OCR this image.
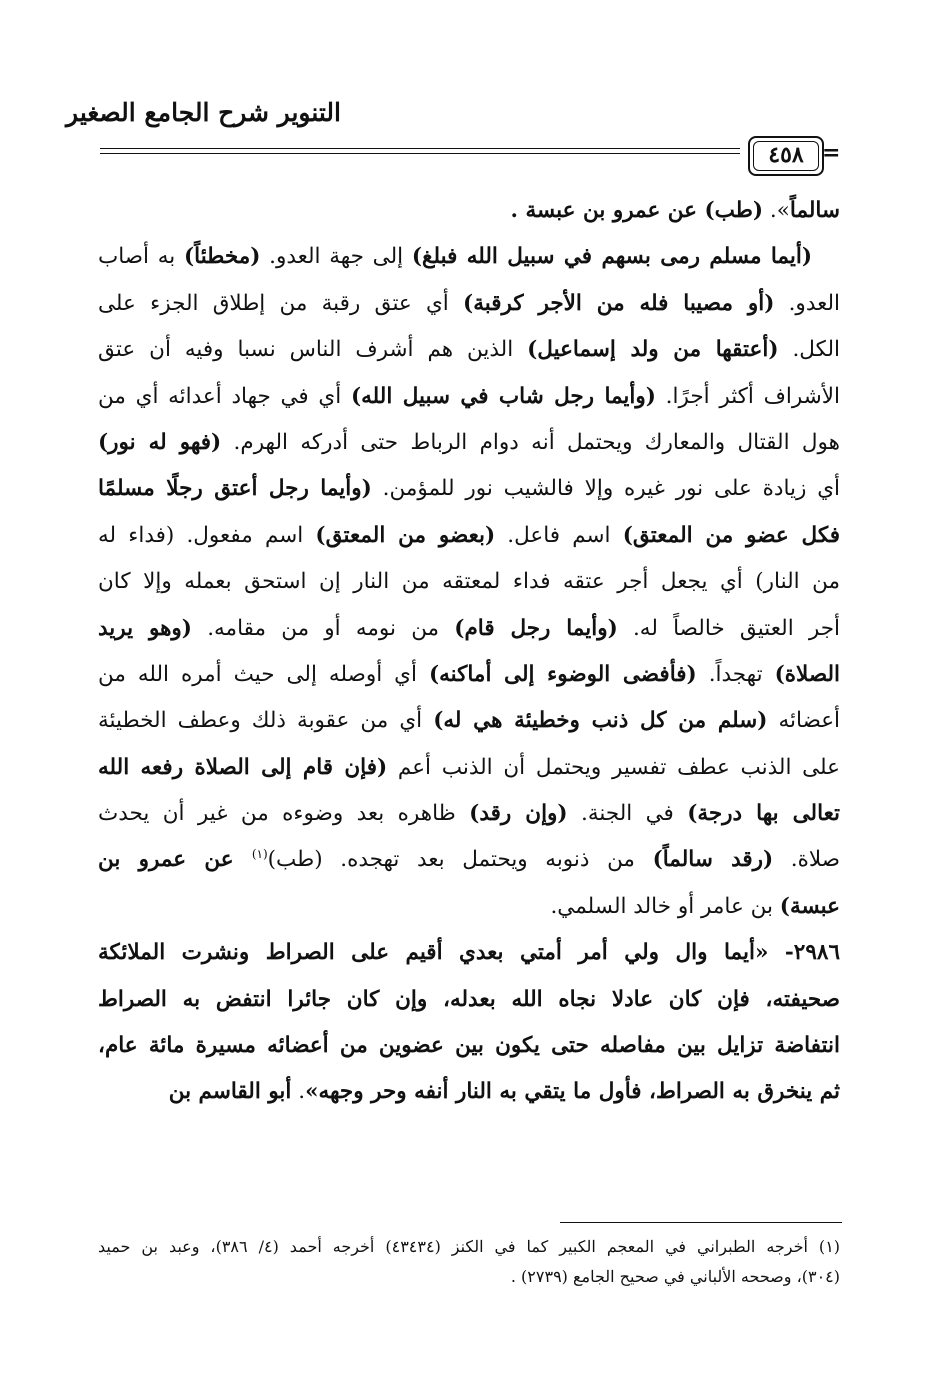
التنوير شرح الجامع الصغير
٤٥٨ =
سالماً». (طب) عن عمرو بن عبسة .
(أيما مسلم رمى بسهم في سبيل الله فبلغ) إلى جهة العدو. (مخطئاً) به أصاب
العدو. (أو مصيبا فله من الأجر كرقبة) أي عتق رقبة من إطلاق الجزء على
الكل. (أعتقها من ولد إسماعيل) الذين هم أشرف الناس نسبا وفيه أن عتق
الأشراف أكثر أجرًا. (وأيما رجل شاب في سبيل الله) أي في جهاد أعدائه أي من
هول القتال والمعارك ويحتمل أنه دوام الرباط حتى أدركه الهرم. (فهو له نور)
أي زيادة على نور غيره وإلا فالشيب نور للمؤمن. (وأيما رجل أعتق رجلًا مسلمًا
فكل عضو من المعتق) اسم فاعل. (بعضو من المعتق) اسم مفعول. (فداء له
من النار) أي يجعل أجر عتقه فداء لمعتقه من النار إن استحق بعمله وإلا كان
أجر العتيق خالصاً له. (وأيما رجل قام) من نومه أو من مقامه. (وهو يريد
الصلاة) تهجداً. (فأفضى الوضوء إلى أماكنه) أي أوصله إلى حيث أمره الله من
أعضائه (سلم من كل ذنب وخطيئة هي له) أي من عقوبة ذلك وعطف الخطيئة
على الذنب عطف تفسير ويحتمل أن الذنب أعم (فإن قام إلى الصلاة رفعه الله
تعالى بها درجة) في الجنة. (وإن رقد) ظاهره بعد وضوءه من غير أن يحدث
صلاة. (رقد سالماً) من ذنوبه ويحتمل بعد تهجده. (طب)$^{(١)}$ عن عمرو بن
عبسة) بن عامر أو خالد السلمي.
٢٩٨٦- «أيما وال ولي أمر أمتي بعدي أقيم على الصراط ونشرت الملائكة
صحيفته، فإن كان عادلا نجاه الله بعدله، وإن كان جائرا انتفض به الصراط
انتفاضة تزايل بين مفاصله حتى يكون بين عضوين من أعضائه مسيرة مائة عام،
ثم ينخرق به الصراط، فأول ما يتقي به النار أنفه وحر وجهه». أبو القاسم بن
(١) أخرجه الطبراني في المعجم الكبير كما في الكنز (٤٣٤٣٤) أخرجه أحمد (٤/ ٣٨٦)، وعبد بن حميد
(٣٠٤)، وصححه الألباني في صحيح الجامع (٢٧٣٩) .
